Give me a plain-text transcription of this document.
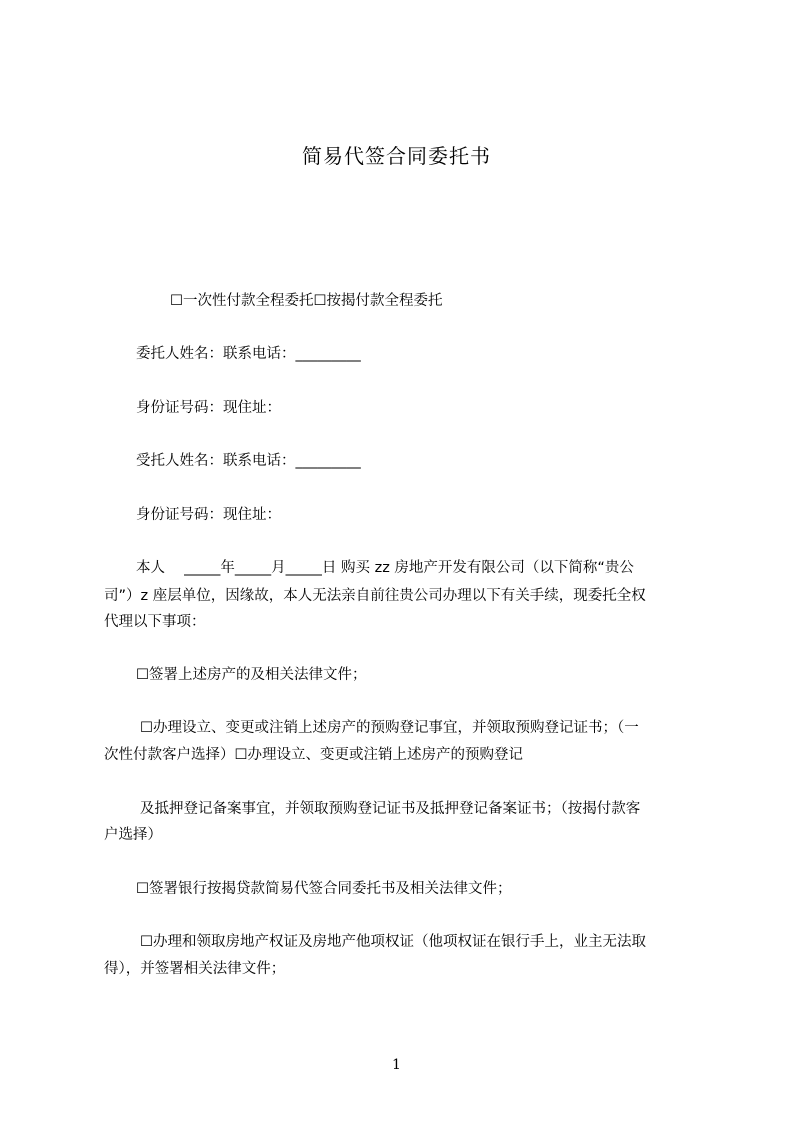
简易代签合同委托书

☐一次性付款全程委托☐按揭付款全程委托

委托人姓名：联系电话：_________

身份证号码：现住址：

受托人姓名：联系电话：_________

身份证号码：现住址：

本人　 _____年_____月_____日 购买 zz 房地产开发有限公司（以下简称“贵公

司”）z 座层单位，因缘故，本人无法亲自前往贵公司办理以下有关手续，现委托全权

代理以下事项：

☐签署上述房产的及相关法律文件；

☐办理设立、变更或注销上述房产的预购登记事宜，并领取预购登记证书；（一

次性付款客户选择）☐办理设立、变更或注销上述房产的预购登记

及抵押登记备案事宜，并领取预购登记证书及抵押登记备案证书；（按揭付款客

户选择）

☐签署银行按揭贷款简易代签合同委托书及相关法律文件；

☐办理和领取房地产权证及房地产他项权证（他项权证在银行手上，业主无法取

得），并签署相关法律文件；

1
